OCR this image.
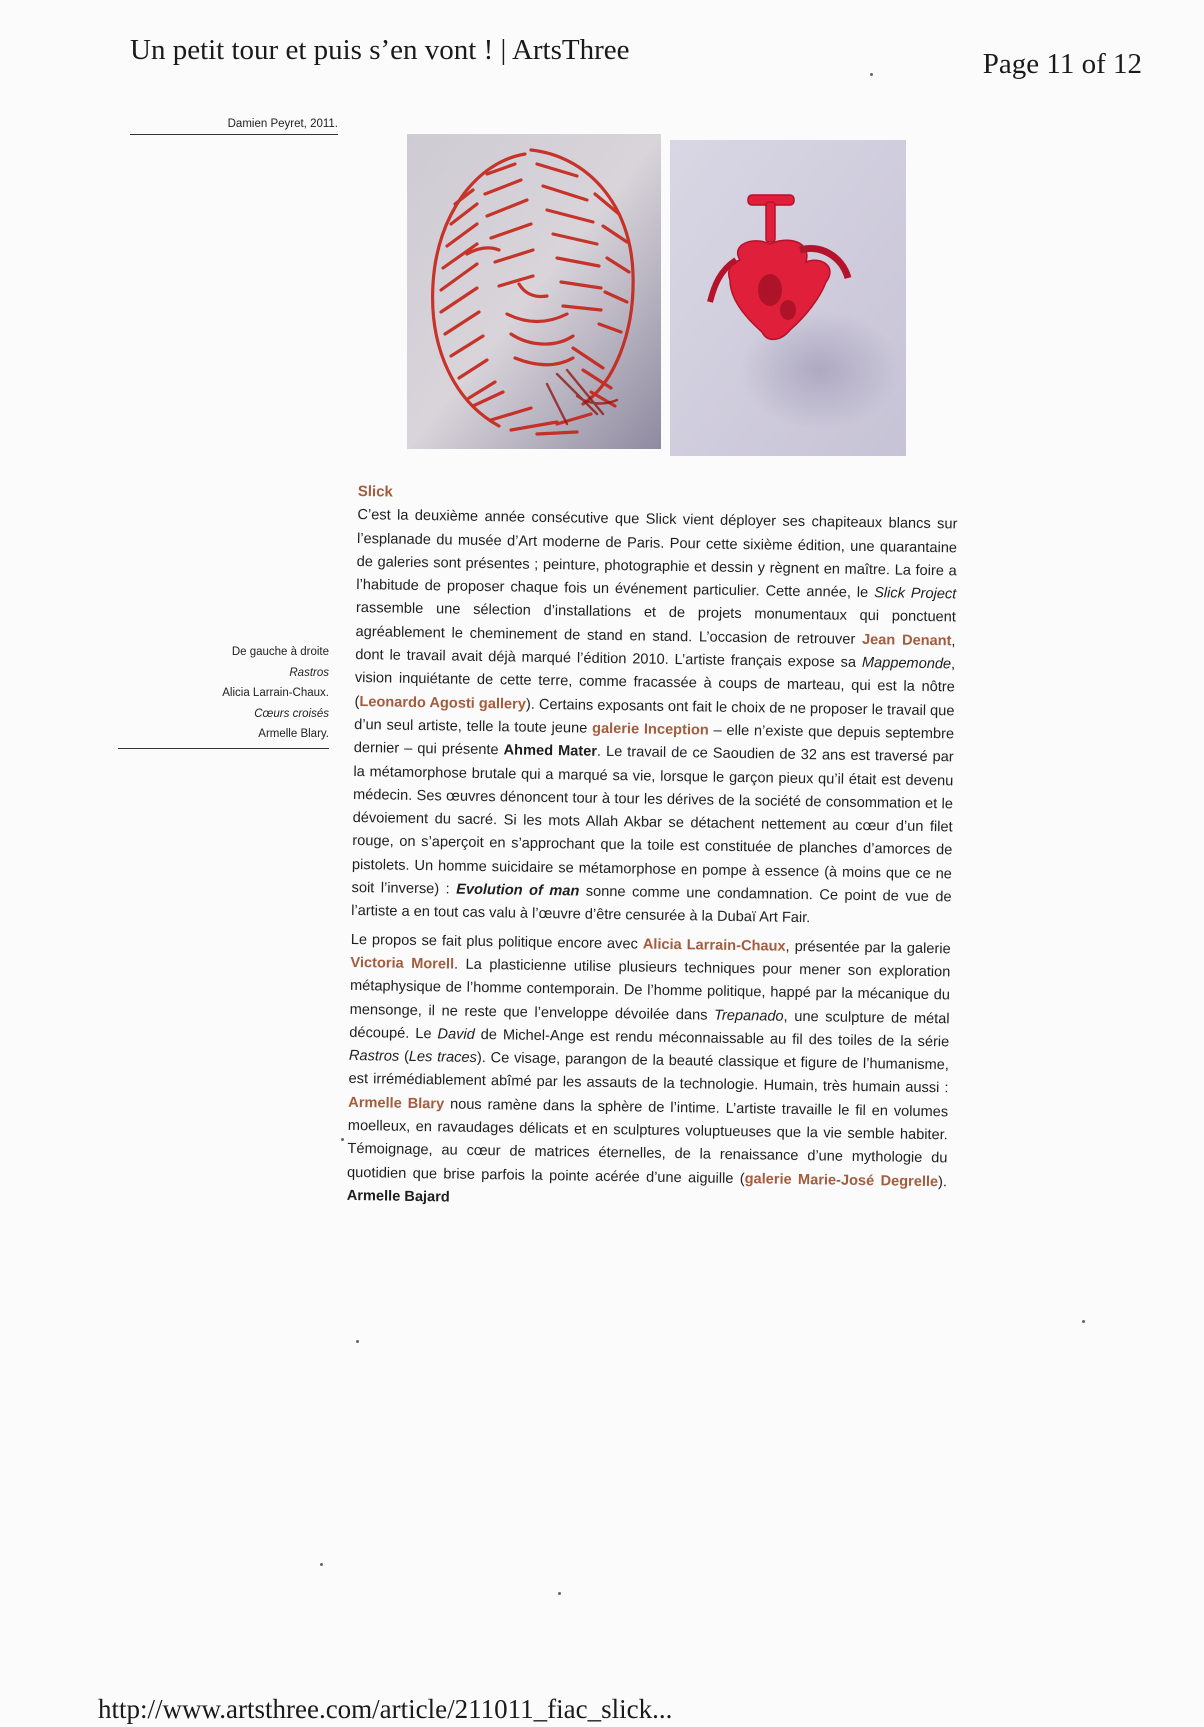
Un petit tour et puis s’en vont ! | ArtsThree	Page 11 of 12
Damien Peyret, 2011.
De gauche à droite
Rastros
Alicia Larrain-Chaux.
Cœurs croisés
Armelle Blary.
Slick

C’est la deuxième année consécutive que Slick vient déployer ses chapiteaux blancs sur l’esplanade du musée d’Art moderne de Paris. Pour cette sixième édition, une quarantaine de galeries sont présentes ; peinture, photographie et dessin y règnent en maître. La foire a l’habitude de proposer chaque fois un événement particulier. Cette année, le Slick Project rassemble une sélection d’installations et de projets monumentaux qui ponctuent agréablement le cheminement de stand en stand. L’occasion de retrouver Jean Denant, dont le travail avait déjà marqué l’édition 2010. L’artiste français expose sa Mappemonde, vision inquiétante de cette terre, comme fracassée à coups de marteau, qui est la nôtre (Leonardo Agosti gallery). Certains exposants ont fait le choix de ne proposer le travail que d’un seul artiste, telle la toute jeune galerie Inception – elle n’existe que depuis septembre dernier – qui présente Ahmed Mater. Le travail de ce Saoudien de 32 ans est traversé par la métamorphose brutale qui a marqué sa vie, lorsque le garçon pieux qu’il était est devenu médecin. Ses œuvres dénoncent tour à tour les dérives de la société de consommation et le dévoiement du sacré. Si les mots Allah Akbar se détachent nettement au cœur d’un filet rouge, on s’aperçoit en s’approchant que la toile est constituée de planches d’amorces de pistolets. Un homme suicidaire se métamorphose en pompe à essence (à moins que ce ne soit l’inverse) : Evolution of man sonne comme une condamnation. Ce point de vue de l’artiste a en tout cas valu à l’œuvre d’être censurée à la Dubaï Art Fair.

Le propos se fait plus politique encore avec Alicia Larrain-Chaux, présentée par la galerie Victoria Morell. La plasticienne utilise plusieurs techniques pour mener son exploration métaphysique de l’homme contemporain. De l’homme politique, happé par la mécanique du mensonge, il ne reste que l’enveloppe dévoilée dans Trepanado, une sculpture de métal découpé. Le David de Michel-Ange est rendu méconnaissable au fil des toiles de la série Rastros (Les traces). Ce visage, parangon de la beauté classique et figure de l’humanisme, est irrémédiablement abîmé par les assauts de la technologie. Humain, très humain aussi : Armelle Blary nous ramène dans la sphère de l’intime. L’artiste travaille le fil en volumes moelleux, en ravaudages délicats et en sculptures voluptueuses que la vie semble habiter. Témoignage, au cœur de matrices éternelles, de la renaissance d’une mythologie du quotidien que brise parfois la pointe acérée d’une aiguille (galerie Marie-José Degrelle). Armelle Bajard

http://www.artsthree.com/article/211011_fiac_slick...
